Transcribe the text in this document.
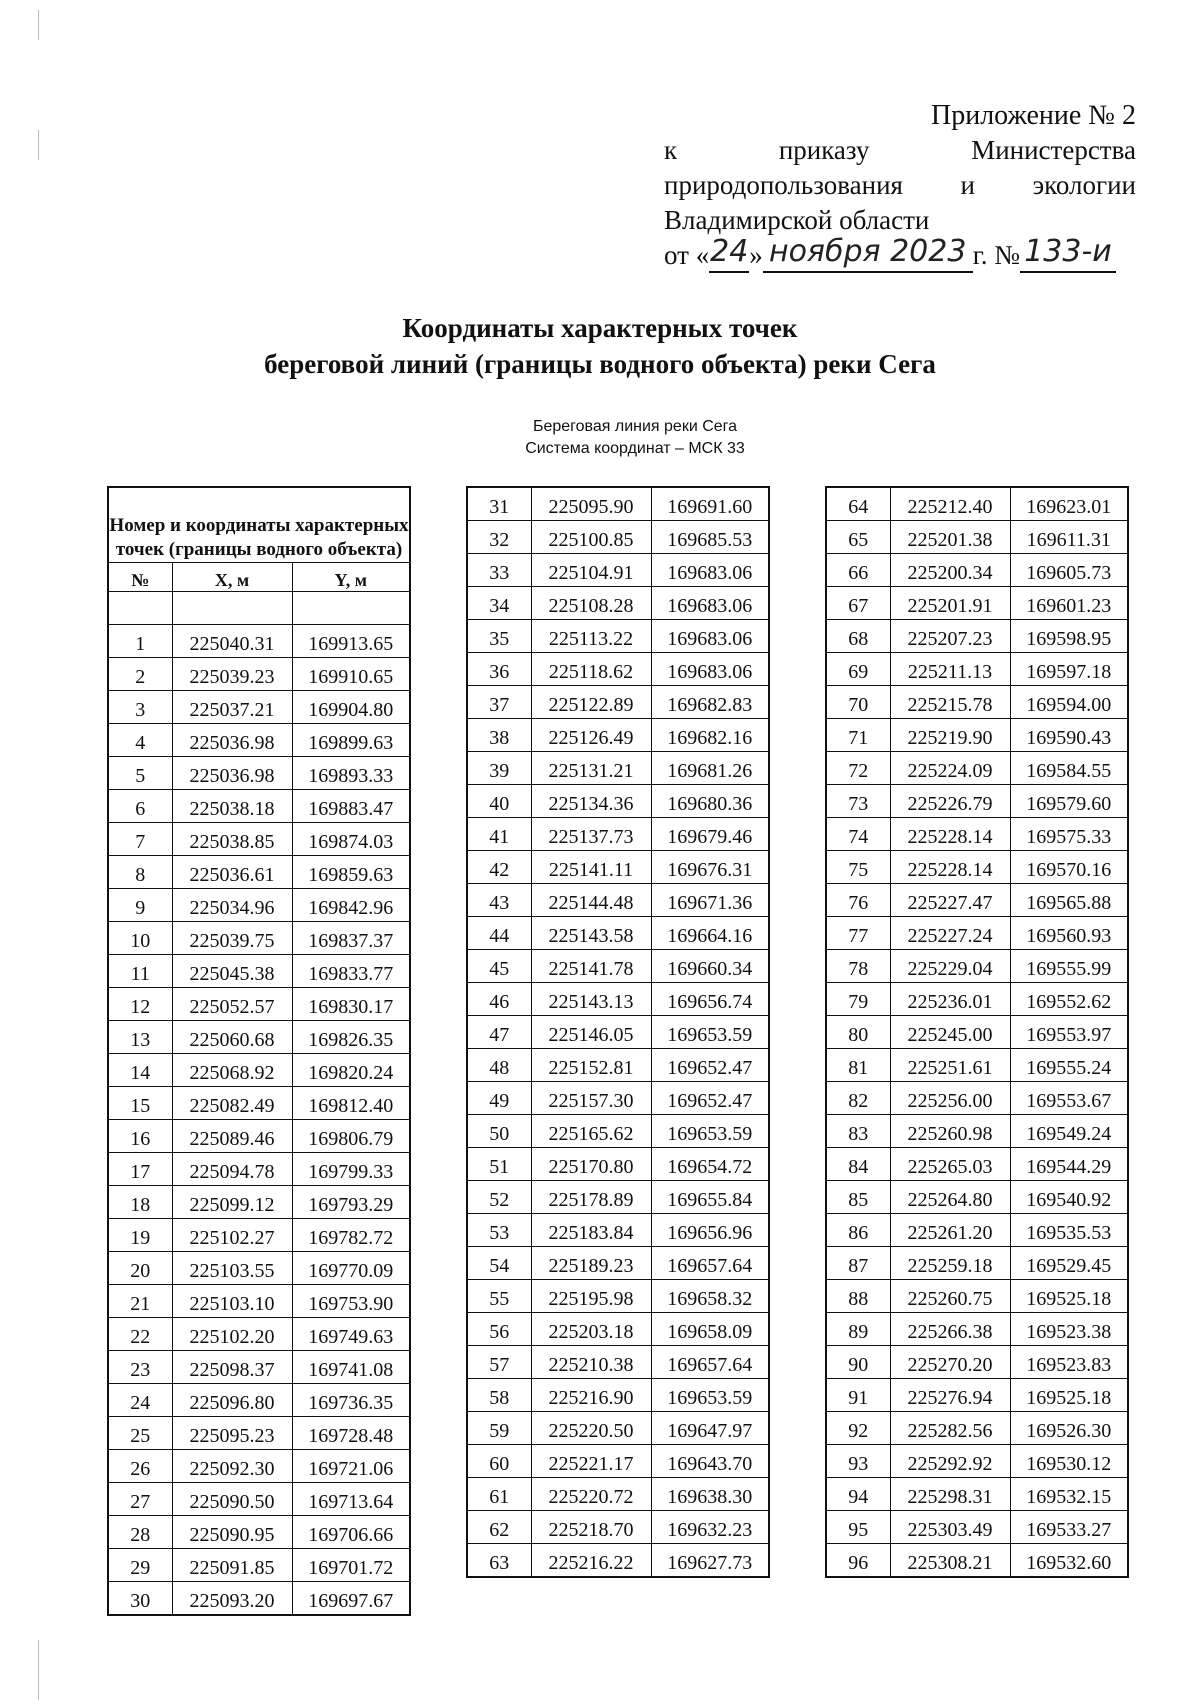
Приложение № 2
к	приказу	Министерства
природопользования и экологии
Владимирской области
от « 24 » ноября 2023 г. № 133-и
Координаты характерных точек
береговой линий (границы водного объекта) реки Сега
Береговая линия реки Сега
Система координат – МСК 33
Номер и координаты характерных точек (границы водного объекта)		
№	X, м	Y, м

1	225040.31	169913.65
2	225039.23	169910.65
3	225037.21	169904.80
4	225036.98	169899.63
5	225036.98	169893.33
6	225038.18	169883.47
7	225038.85	169874.03
8	225036.61	169859.63
9	225034.96	169842.96
10	225039.75	169837.37
11	225045.38	169833.77
12	225052.57	169830.17
13	225060.68	169826.35
14	225068.92	169820.24
15	225082.49	169812.40
16	225089.46	169806.79
17	225094.78	169799.33
18	225099.12	169793.29
19	225102.27	169782.72
20	225103.55	169770.09
21	225103.10	169753.90
22	225102.20	169749.63
23	225098.37	169741.08
24	225096.80	169736.35
25	225095.23	169728.48
26	225092.30	169721.06
27	225090.50	169713.64
28	225090.95	169706.66
29	225091.85	169701.72
30	225093.20	169697.67
31	225095.90	169691.60
32	225100.85	169685.53
33	225104.91	169683.06
34	225108.28	169683.06
35	225113.22	169683.06
36	225118.62	169683.06
37	225122.89	169682.83
38	225126.49	169682.16
39	225131.21	169681.26
40	225134.36	169680.36
41	225137.73	169679.46
42	225141.11	169676.31
43	225144.48	169671.36
44	225143.58	169664.16
45	225141.78	169660.34
46	225143.13	169656.74
47	225146.05	169653.59
48	225152.81	169652.47
49	225157.30	169652.47
50	225165.62	169653.59
51	225170.80	169654.72
52	225178.89	169655.84
53	225183.84	169656.96
54	225189.23	169657.64
55	225195.98	169658.32
56	225203.18	169658.09
57	225210.38	169657.64
58	225216.90	169653.59
59	225220.50	169647.97
60	225221.17	169643.70
61	225220.72	169638.30
62	225218.70	169632.23
63	225216.22	169627.73
64	225212.40	169623.01
65	225201.38	169611.31
66	225200.34	169605.73
67	225201.91	169601.23
68	225207.23	169598.95
69	225211.13	169597.18
70	225215.78	169594.00
71	225219.90	169590.43
72	225224.09	169584.55
73	225226.79	169579.60
74	225228.14	169575.33
75	225228.14	169570.16
76	225227.47	169565.88
77	225227.24	169560.93
78	225229.04	169555.99
79	225236.01	169552.62
80	225245.00	169553.97
81	225251.61	169555.24
82	225256.00	169553.67
83	225260.98	169549.24
84	225265.03	169544.29
85	225264.80	169540.92
86	225261.20	169535.53
87	225259.18	169529.45
88	225260.75	169525.18
89	225266.38	169523.38
90	225270.20	169523.83
91	225276.94	169525.18
92	225282.56	169526.30
93	225292.92	169530.12
94	225298.31	169532.15
95	225303.49	169533.27
96	225308.21	169532.60
